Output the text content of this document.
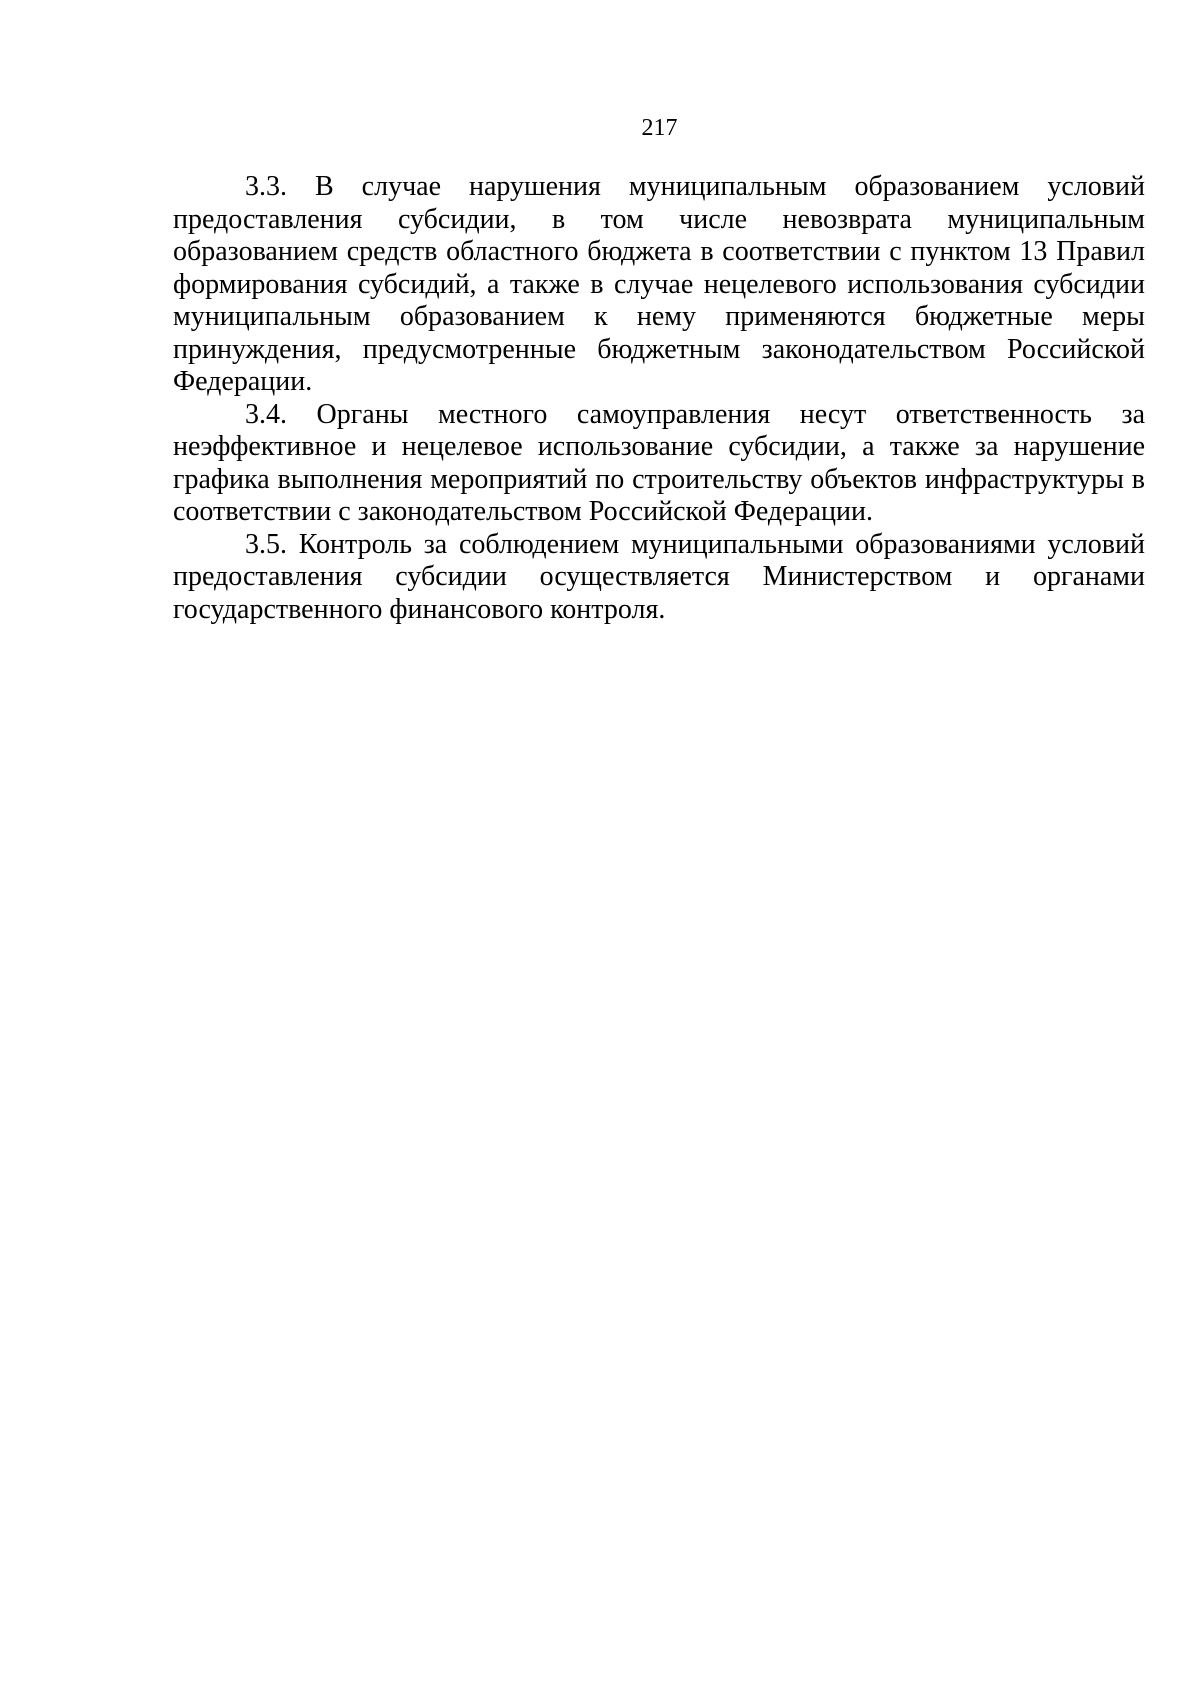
217

3.3. В случае нарушения муниципальным образованием условий предоставления субсидии, в том числе невозврата муниципальным образованием средств областного бюджета в соответствии с пунктом 13 Правил формирования субсидий, а также в случае нецелевого использования субсидии муниципальным образованием к нему применяются бюджетные меры принуждения, предусмотренные бюджетным законодательством Российской Федерации.

3.4. Органы местного самоуправления несут ответственность за неэффективное и нецелевое использование субсидии, а также за нарушение графика выполнения мероприятий по строительству объектов инфраструктуры в соответствии с законодательством Российской Федерации.

3.5. Контроль за соблюдением муниципальными образованиями условий предоставления субсидии осуществляется Министерством и органами государственного финансового контроля.
